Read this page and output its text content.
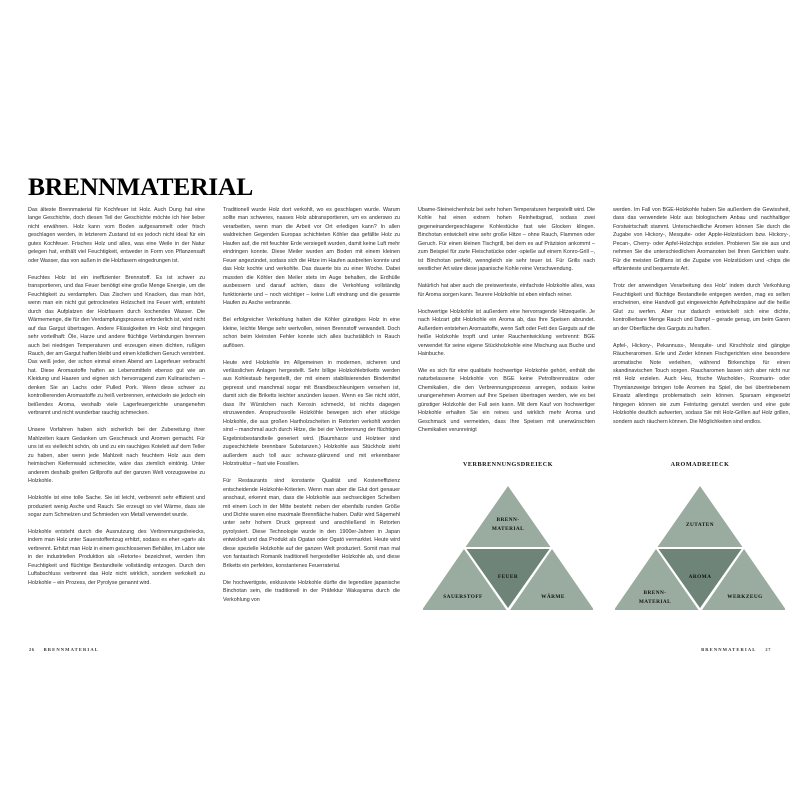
BRENNMATERIAL

Das älteste Brennmaterial für Kochfeuer ist Holz. Auch Dung hat eine lange Geschichte, doch diesen Teil der Geschichte möchte ich hier lieber nicht erwähnen. Holz kann vom Boden aufgesammelt oder frisch geschlagen werden, in letzterem Zustand ist es jedoch nicht ideal für ein gutes Kochfeuer. Frisches Holz und alles, was eine Weile in der Natur gelegen hat, enthält viel Feuchtigkeit, entweder in Form von Pflanzensaft oder Wasser, das von außen in die Holzfasern eingedrungen ist.

Feuchtes Holz ist ein ineffizienter Brennstoff. Es ist schwer zu transportieren, und das Feuer benötigt eine große Menge Energie, um die Feuchtigkeit zu verdampfen. Das Zischen und Knacken, das man hört, wenn man ein nicht gut getrocknetes Holzscheit ins Feuer wirft, entsteht durch das Aufplatzen der Holzfasern durch kochendes Wasser. Die Wärmemenge, die für den Verdampfungsprozess erforderlich ist, wird nicht auf das Gargut übertragen. Andere Flüssigkeiten im Holz sind hingegen sehr vorteilhaft: Öle, Harze und andere flüchtige Verbindungen brennen auch bei niedrigen Temperaturen und erzeugen einen dichten, rußigen Rauch, der am Gargut haften bleibt und einen köstlichen Geruch verströmt. Das weiß jeder, der schon einmal einen Abend am Lagerfeuer verbracht hat. Diese Aromastoffe haften an Lebensmitteln ebenso gut wie an Kleidung und Haaren und eignen sich hervorragend zum Kulinarischen – denken Sie an Lachs oder Pulled Pork. Wenn diese schwer zu kontrollierenden Aromastoffe zu heiß verbrennen, entwickeln sie jedoch ein beißendes Aroma, weshalb viele Lagerfeuergerichte unangenehm verbrannt und nicht wunderbar rauchig schmecken.

Unsere Vorfahren haben sich sicherlich bei der Zubereitung ihrer Mahlzeiten kaum Gedanken um Geschmack und Aromen gemacht. Für uns ist es vielleicht schön, ob und zu ein rauchiges Kotelett auf dem Teller zu haben, aber wenn jede Mahlzeit nach feuchtem Holz aus dem heimischen Kiefernwald schmeckte, wäre das ziemlich eintönig. Unter anderem deshalb greifen Grillprofis auf der ganzen Welt vorzugsweise zu Holzkohle.

Holzkohle ist eine tolle Sache. Sie ist leicht, verbrennt sehr effizient und produziert wenig Asche und Rauch. Sie erzeugt so viel Wärme, dass sie sogar zum Schmelzen und Schmieden von Metall verwendet wurde.

Holzkohle entsteht durch die Ausnutzung des Verbrennungsdreiecks, indem man Holz unter Sauerstoffentzug erhitzt, sodass es eher »gart« als verbrennt. Erhitzt man Holz in einem geschlossenen Behälter, im Labor wie in der industriellen Produktion als »Retorte« bezeichnet, werden ihm Feuchtigkeit und flüchtige Bestandteile vollständig entzogen. Durch den Luftabschluss verbrennt das Holz nicht wirklich, sondern verkokelt zu Holzkohle – ein Prozess, der Pyrolyse genannt wird.

Traditionell wurde Holz dort verkohlt, wo es geschlagen wurde. Warum sollte man schweres, nasses Holz abtransportieren, um es anderswo zu verarbeiten, wenn man die Arbeit vor Ort erledigen kann? In allen waldreichen Gegenden Europas schichteten Köhler das gefällte Holz zu Haufen auf, die mit feuchter Erde versiegelt wurden, damit keine Luft mehr eindringen konnte. Diese Meiler wurden am Boden mit einem kleinen Feuer angezündet, sodass sich die Hitze im Haufen ausbreiten konnte und das Holz kochte und verkohlte. Das dauerte bis zu einer Woche. Dabei mussten die Köhler den Meiler stets im Auge behalten, die Erdhülle ausbessern und darauf achten, dass die Verkohlung vollständig funktionierte und – noch wichtiger – keine Luft eindrang und die gesamte Haufen zu Asche verbrannte.

Bei erfolgreicher Verkohlung hatten die Köhler günstiges Holz in eine kleine, leichte Menge sehr wertvollen, reinen Brennstoff verwandelt. Doch schon beim kleinsten Fehler konnte sich alles buchstäblich in Rauch auflösen.

Heute wird Holzkohle im Allgemeinen in modernen, sicheren und verlässlichen Anlagen hergestellt. Sehr billige Holzkohlebriketts werden aus Kohlestaub hergestellt, der mit einem stabilisierenden Bindemittel gepresst und manchmal sogar mit Brandbeschleunigern versehen ist, damit sich die Briketts leichter anzünden lassen. Wenn es Sie nicht stört, dass Ihr Würstchen nach Kerosin schmeckt, ist nichts dagegen einzuwenden. Anspruchsvolle Holzköhle bewegen sich eher stückige Holzkohle, die aus großen Hartholzscheiten in Retorten verkohlt worden sind – manchmal auch durch Hitze, die bei der Verbrennung der flüchtigen Ergebnisbestandteile generiert wird. (Baumharze und Holzteer sind zugeschichtete brennbare Substanzen.) Holzkohle aus Stückholz sieht außerdem auch toll aus: schwarz-glänzend und mit erkennbarer Holzstruktur – fast wie Fossilien.

Für Restaurants sind konstante Qualität und Kosteneffizienz entscheidende Holzkohle-Kriterien. Wenn man aber die Glut dort genauer anschaut, erkennt man, dass die Holzkohle aus sechseckigen Scheiben mit einem Loch in der Mitte besteht: neben der ebenfalls runden Größe und Dichte waren eine maximale Brennfläche haben. Dafür wird Sägemehl unter sehr hohem Druck gepresst und anschließend in Retorten pyrolysiert. Diese Technologie wurde in den 1900er-Jahren in Japan entwickelt und das Produkt als Ogatan oder Ogatö vermarktet. Heute wird diese spezielle Holzkohle auf der ganzen Welt produziert. Somit man mal von fantastisch Romanik traditionell hergestellter Holzkohle ab, und diese Briketts ein perfektes, konstantenes Feuerraterial.

Die hochwertigste, exklusivste Holzkohle dürfte die legendäre japanische Binchotan sein, die traditionell in der Präfektur Wakayama durch die Verkohlung von

Ubame-Steineichenholz bei sehr hohen Temperaturen hergestellt wird. Die Kohle hat einen extrem hohen Reinheitsgrad, sodass zwei gegeneinandergeschlagene Kohlestücke fast wie Glocken klingen. Binchotan entwickelt eine sehr große Hitze – ohne Rauch, Flammen oder Geruch. Für einen kleinen Tischgrill, bei dem es auf Präzision ankommt – zum Beispiel für zarte Fleischstücke oder -spieße auf einem Konro-Grill –, ist Binchotan perfekt, wenngleich sie sehr teuer ist. Für Grills nach westlicher Art wäre diese japanische Kohle reine Verschwendung.

Natürlich hat aber auch die preiswerteste, einfachste Holzkohle alles, was für Aroma sorgen kann. Teurere Holzkohle ist eben einfach reiner.

Hochwertige Holzkohle ist außerdem eine hervorragende Hitzequelle. Je nach Holzart gibt Holzkohle ein Aroma ab, das Ihre Speisen abrundet. Außerdem entstehen Aromastoffe, wenn Saft oder Fett des Garguts auf die heiße Holzkohle tropft und unter Rauchentwicklung verbrennt: BGE verwendet für seine eigene Stückholzkohle eine Mischung aus Buche und Hainbuche.

Wie es sich für eine qualitativ hochwertige Holzkohle gehört, enthält die naturbelassene Holzkohle von BGE keine Petrolbrennsätze oder Chemikalien, die den Verbrennungsprozess anregen, sodass keine unangenehmen Aromen auf Ihre Speisen übertragen werden, wie es bei günstiger Holzkohle der Fall sein kann. Mit dem Kauf von hochwertiger Holzkohle erhalten Sie ein reines und wirklich mehr Aroma und Geschmack und vermeiden, dass Ihre Speisen mit unerwünschten Chemikalien verunreinigt

werden. Im Fall von BGE-Holzkohle haben Sie außerdem die Gewissheit, dass das verwendete Holz aus biologischem Anbau und nachhaltiger Forstwirtschaft stammt. Unterschiedliche Aromen können Sie durch die Zugabe von Hickory-, Mesquite- oder Apple-Holzstücken bzw. Hickory-, Pecan-, Cherry- oder Apfel-Holzchips erzielen. Probieren Sie sie aus und nehmen Sie die unterschiedlichen Aromanoten bei Ihren Gerichten wahr. Für die meisten Grillfans ist die Zugabe von Holzstücken und -chips die effizienteste und bequemste Art.

Trotz der anwendigen Verarbeitung des Holz' indem durch Verkohlung Feuchtigkeit und flüchtige Bestandteile entgegen werden, mag es selten erscheinen, eine Handvoll gut eingeweichte Apfelholzspäne auf die heiße Glut zu werfen. Aber nur dadurch entwickelt sich eine dichte, kontrollierbare Menge Rauch und Dampf – gerade genug, um beim Garen an der Oberfläche des Garguts zu haften.

Apfel-, Hickory-, Pekannuss-, Mesquite- und Kirschholz sind gängige Räucheraromen. Erle und Zeder können Fischgerichten eine besondere aromatische Note verleihen, während Birkenchips für einen skandinavischen Touch sorgen. Raucharomen lassen sich aber nicht nur mit Holz erzielen. Auch Heu, frische Wacholder-, Rosmarin- oder Thymianzweige bringen tolle Aromen ins Spiel, die bei übertriebenem Einsatz allerdings problematisch sein können. Sparsam eingesetzt hingegen können sie zum Feinturing genutzt werden und eine gute Holzkohle deutlich aufwerten, sodass Sie mit Holz-Grillen auf Holz grillen, sondern auch räuchern können. Die Möglichkeiten sind endlos.

VERBRENNUNGSDREIECK

BRENN-
MATERIAL
FEUER
SAUERSTOFF	WÄRME

AROMADREIECK

ZUTATEN
AROMA
BRENN-
MATERIAL
WERKZEUG
26 BRENNMATERIAL	BRENNMATERIAL 27
